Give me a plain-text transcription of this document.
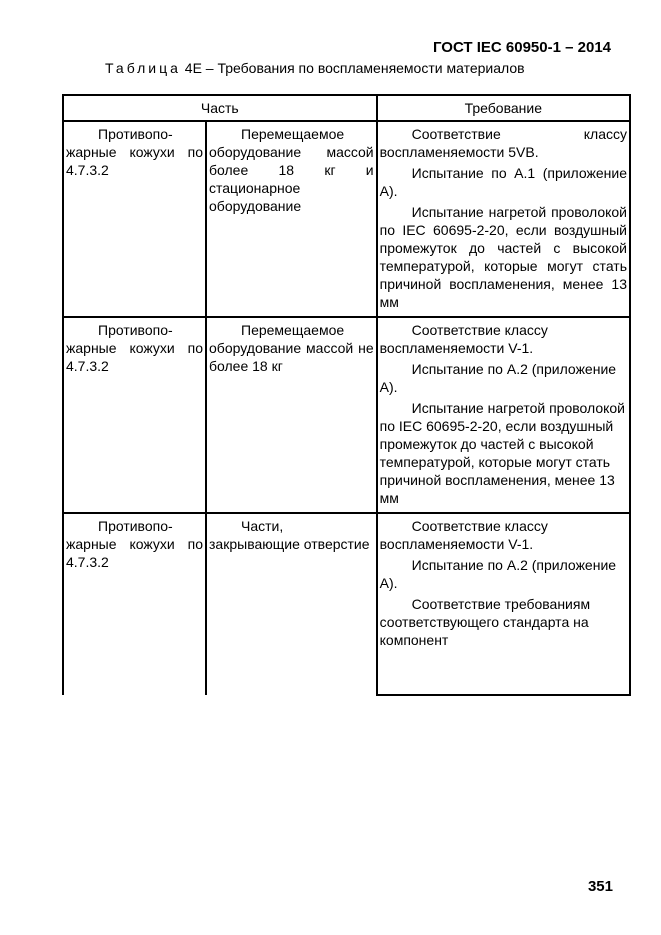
ГОСТ IEC 60950-1 – 2014
Таблица 4E – Требования по воспламеняемости материалов
Часть		Требование

Противопо-жарные кожухи по 4.7.3.2	Перемещаемое оборудование массой более 18 кг и стационарное оборудование	Соответствие классу воспламеняемости 5VB.

Испытание по А.1 (приложение А).

Испытание нагретой проволокой по IEC 60695-2-20, если воздушный промежуток до частей с высокой температурой, которые могут стать причиной воспламенения, менее 13 мм

Противопо-жарные кожухи по 4.7.3.2	Перемещаемое оборудование массой не более 18 кг	Соответствие классу воспламеняемости V-1.

Испытание по А.2 (приложение А).

Испытание нагретой проволокой по IEC 60695-2-20, если воздушный промежуток до частей с высокой температурой, которые могут стать причиной воспламенения, менее 13 мм

Противопо-жарные кожухи по 4.7.3.2	Части, закрывающие отверстие	Соответствие классу воспламеняемости V-1.

Испытание по А.2 (приложение А).

Соответствие требованиям соответствующего стандарта на компонент

351
